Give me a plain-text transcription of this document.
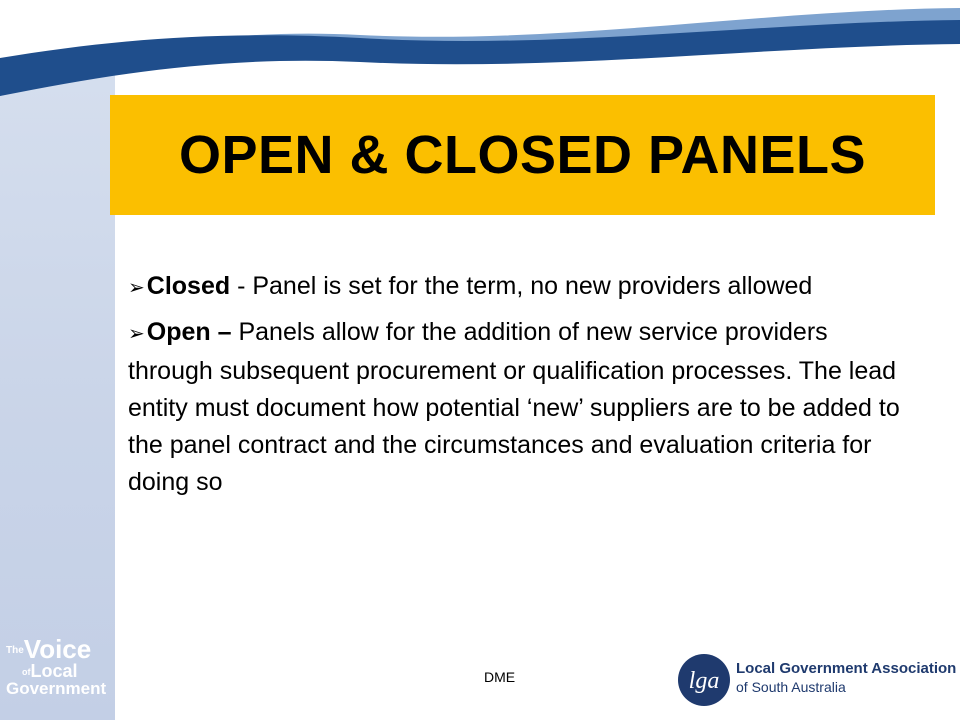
OPEN & CLOSED PANELS

➢Closed - Panel is set for the term, no new providers allowed

➢Open – Panels allow for the addition of new service providers through subsequent procurement or qualification processes. The lead entity must document how potential ‘new’ suppliers are to be added to the panel contract and the circumstances and evaluation criteria for doing so

TheVoice
ofLocal
Government
DME	lga Local Government Association
of South Australia
